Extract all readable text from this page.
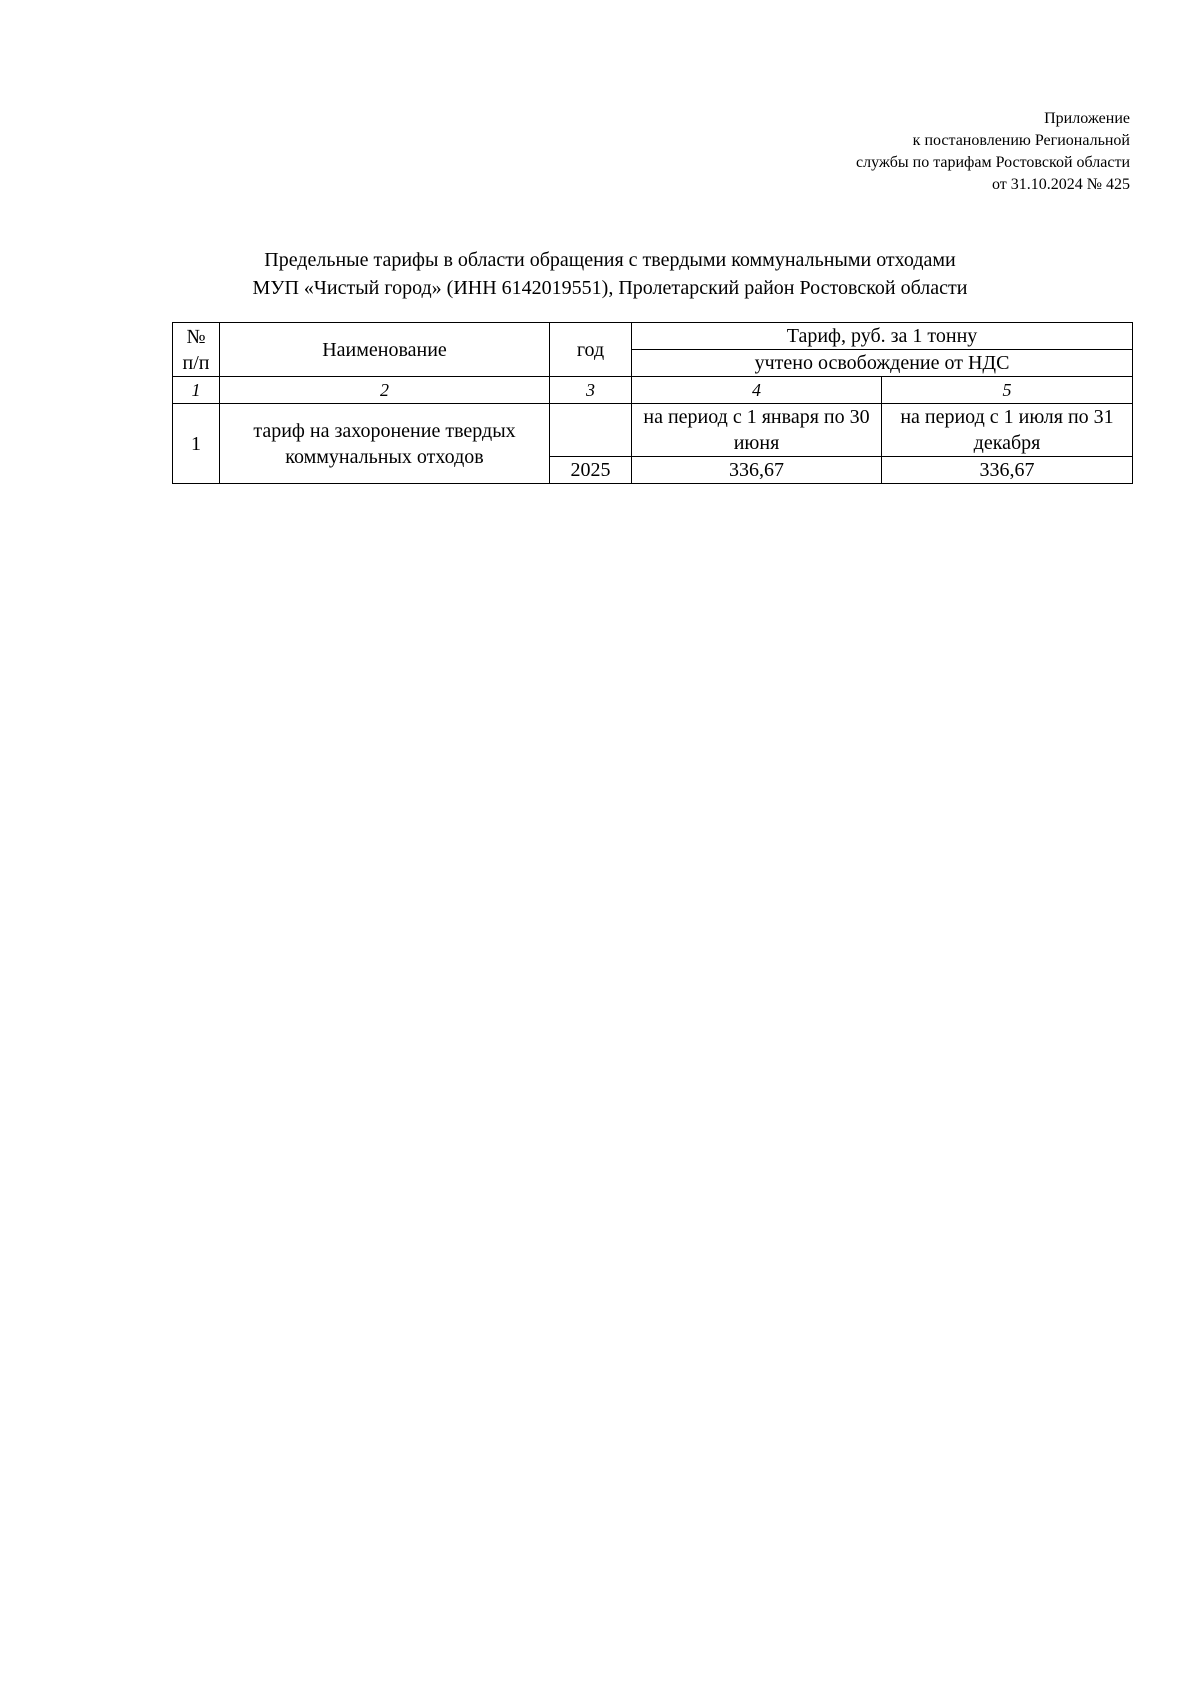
Приложение
к постановлению Региональной
службы по тарифам Ростовской области
от 31.10.2024 № 425
Предельные тарифы в области обращения с твердыми коммунальными отходами
МУП «Чистый город» (ИНН 6142019551), Пролетарский район Ростовской области
№
п/п	Наименование	год	Тариф, руб. за 1 тонну	
			учтено освобождение от НДС	
1	2	3	4	5
1	тариф на захоронение твердых коммунальных отходов		на период с 1 января по 30 июня	на период с 1 июля по 31 декабря
		2025	336,67	336,67
